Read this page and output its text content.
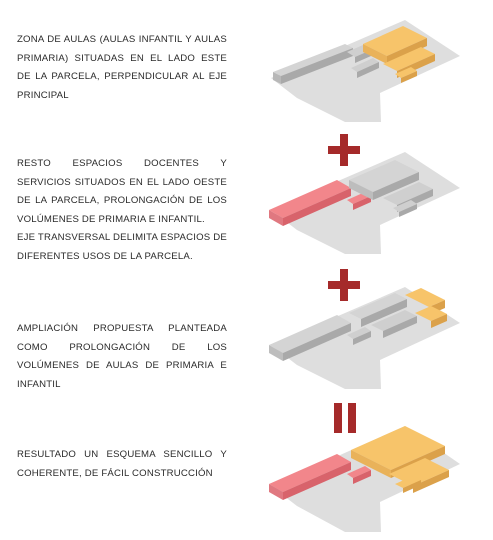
ZONA DE AULAS (AULAS INFANTIL Y AULAS PRIMARIA) SITUADAS EN EL LADO ESTE DE LA PARCELA, PERPENDICULAR AL EJE PRINCIPAL

RESTO ESPACIOS DOCENTES Y SERVICIOS SITUADOS EN EL LADO OESTE DE LA PARCELA, PROLONGACIÓN DE LOS VOLÚMENES DE PRIMARIA E INFANTIL.

EJE TRANSVERSAL DELIMITA ESPACIOS DE DIFERENTES USOS DE LA PARCELA.

AMPLIACIÓN PROPUESTA PLANTEADA COMO PROLONGACIÓN DE LOS VOLÚMENES DE AULAS DE PRIMARIA E INFANTIL

RESULTADO UN ESQUEMA SENCILLO Y COHERENTE, DE FÁCIL CONSTRUCCIÓN
